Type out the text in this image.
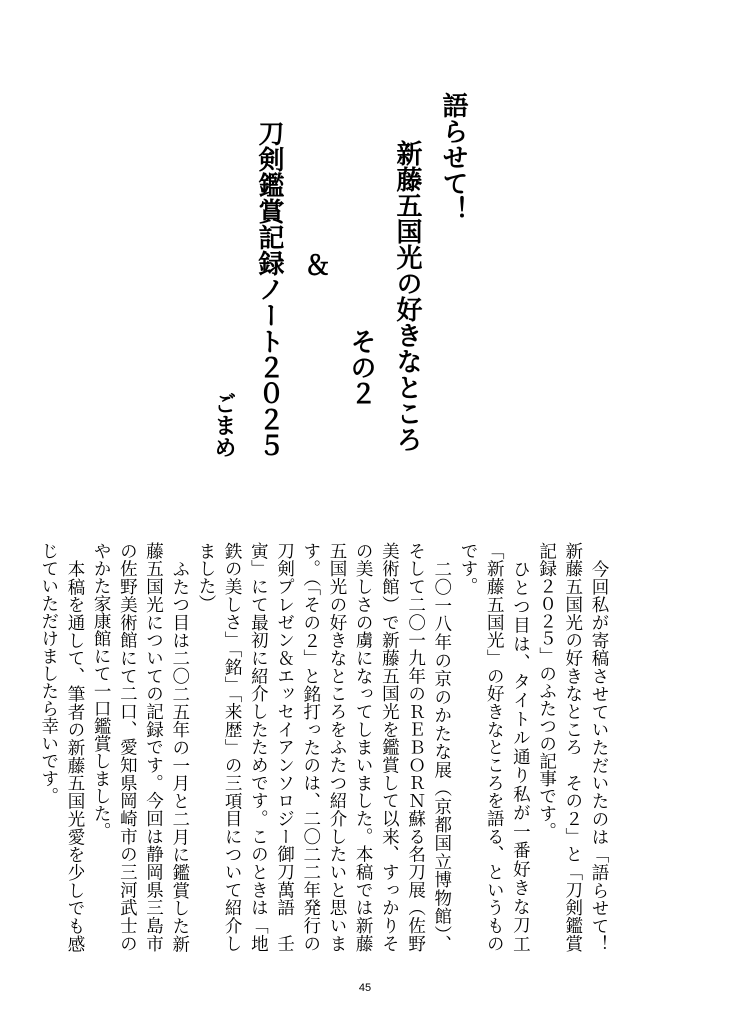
語らせて！
新藤五国光の好きなところ
その２
＆
刀剣鑑賞記録ノート２０２５
ごまめ

今回私が寄稿させていただいたのは「語らせて！新藤五国光の好きなところ　その２」と「刀剣鑑賞記録２０２５」のふたつの記事です。

ひとつ目は、タイトル通り私が一番好きな刀工「新藤五国光」の好きなところを語る、というものです。

二〇一八年の京のかたな展（京都国立博物館）、そして二〇一九年のＲＥＢＯＲＮ蘇る名刀展（佐野美術館）で新藤五国光を鑑賞して以来、すっかりその美しさの虜になってしまいました。本稿では新藤五国光の好きなところをふたつ紹介したいと思います。（「その２」と銘打ったのは、二〇二二年発行の刀剣プレゼン＆エッセイアンソロジー御刀萬語　壬寅」にて最初に紹介したためです。このときは「地鉄の美しさ」「銘」「来歴」の三項目について紹介しました）

ふたつ目は二〇二五年の一月と二月に鑑賞した新藤五国光についての記録です。今回は静岡県三島市の佐野美術館にて二口、愛知県岡崎市の三河武士のやかた家康館にて一口鑑賞しました。

本稿を通して、筆者の新藤五国光愛を少しでも感じていただけましたら幸いです。

45
